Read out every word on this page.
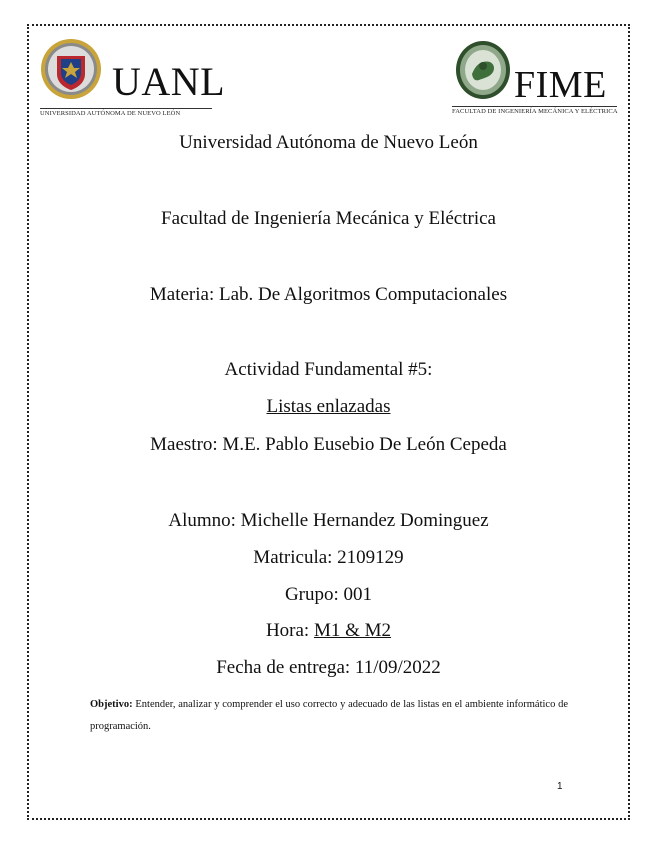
UANL
UNIVERSIDAD AUTÓNOMA DE NUEVO LEÓN
FIME
FACULTAD DE INGENIERÍA MECÁNICA Y ELÉCTRICA
Universidad Autónoma de Nuevo León
Facultad de Ingeniería Mecánica y Eléctrica
Materia: Lab. De Algoritmos Computacionales
Actividad Fundamental #5:
Listas enlazadas
Maestro: M.E. Pablo Eusebio De León Cepeda
Alumno: Michelle Hernandez Dominguez
Matricula: 2109129
Grupo: 001
Hora: M1 & M2
Fecha de entrega: 11/09/2022
Objetivo: Entender, analizar y comprender el uso correcto y adecuado de las listas en el ambiente informático de programación.
1
